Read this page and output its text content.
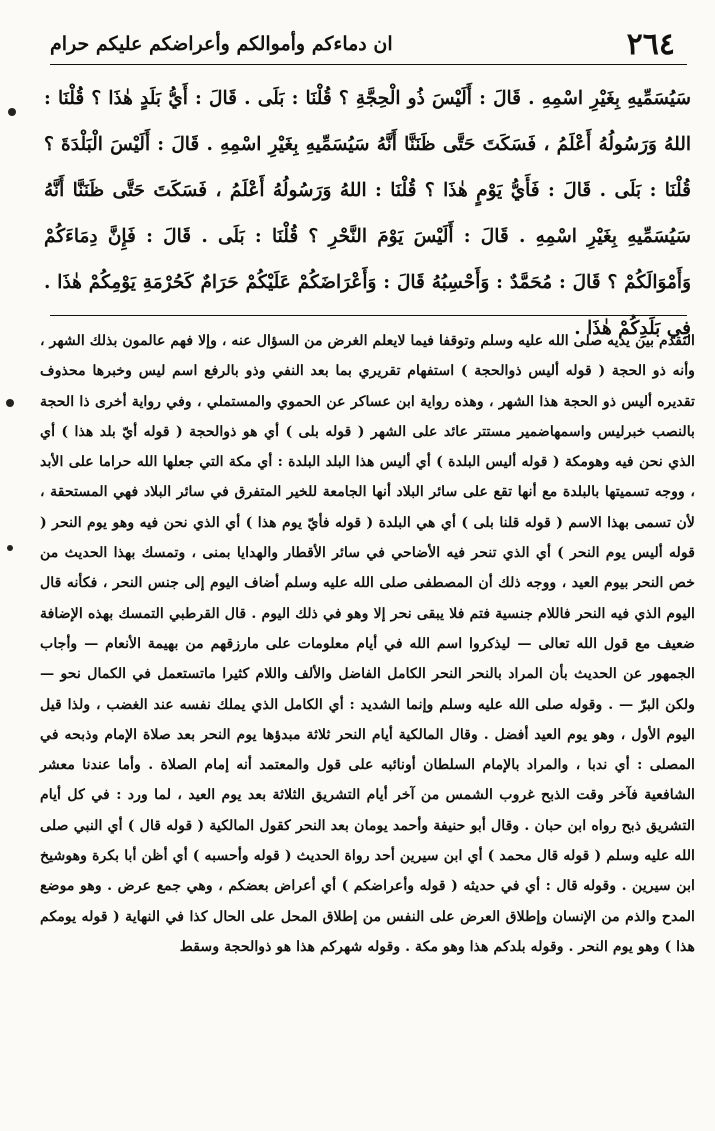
٢٦٤
ان دماءكم وأموالكم وأعراضكم عليكم حرام
سَيُسَمِّيهِ بِغَيْرِ اسْمِهِ . قَالَ : أَلَيْسَ ذُو الْحِجَّةِ ؟ قُلْنَا : بَلَى . قَالَ : أَيُّ بَلَدٍ هٰذَا ؟ قُلْنَا : اللهُ وَرَسُولُهُ أَعْلَمُ ، فَسَكَتَ حَتَّى ظَنَنَّا أَنَّهُ سَيُسَمِّيهِ بِغَيْرِ اسْمِهِ . قَالَ : أَلَيْسَ الْبَلْدَةَ ؟ قُلْنَا : بَلَى . قَالَ : فَأَيُّ يَوْمٍ هٰذَا ؟ قُلْنَا : اللهُ وَرَسُولُهُ أَعْلَمُ ، فَسَكَتَ حَتَّى ظَنَنَّا أَنَّهُ سَيُسَمِّيهِ بِغَيْرِ اسْمِهِ . قَالَ : أَلَيْسَ يَوْمَ النَّحْرِ ؟ قُلْنَا : بَلَى . قَالَ : فَإِنَّ دِمَاءَكُمْ وَأَمْوَالَكُمْ ؟ قَالَ : مُحَمَّدٌ : وَأَحْسِبُهُ قَالَ : وَأَعْرَاضَكُمْ عَلَيْكُمْ حَرَامٌ كَحُرْمَةِ يَوْمِكُمْ هٰذَا . فِي بَلَدِكُمْ هٰذَا .
التقدم بين يديه صلى الله عليه وسلم وتوقفا فيما لايعلم الغرض من السؤال عنه ، وإلا فهم عالمون بذلك الشهر ، وأنه ذو الحجة ( قوله أليس ذوالحجة ) استفهام تقريري بما بعد النفي وذو بالرفع اسم ليس وخبرها محذوف تقديره أليس ذو الحجة هذا الشهر ، وهذه رواية ابن عساكر عن الحموي والمستملي ، وفي رواية أخرى ذا الحجة بالنصب خبرليس واسمهاضمير مستتر عائد على الشهر ( قوله بلى ) أي هو ذوالحجة ( قوله أيّ بلد هذا ) أي الذي نحن فيه وهومكة ( قوله أليس البلدة ) أي أليس هذا البلد البلدة : أي مكة التي جعلها الله حراما على الأبد ، ووجه تسميتها بالبلدة مع أنها تقع على سائر البلاد أنها الجامعة للخير المتفرق في سائر البلاد فهي المستحقة ، لأن تسمى بهذا الاسم ( قوله قلنا بلى ) أي هي البلدة ( قوله فأيّ يوم هذا ) أي الذي نحن فيه وهو يوم النحر ( قوله أليس يوم النحر ) أي الذي تنحر فيه الأضاحي في سائر الأقطار والهدايا بمنى ، وتمسك بهذا الحديث من خص النحر بيوم العيد ، ووجه ذلك أن المصطفى صلى الله عليه وسلم أضاف اليوم إلى جنس النحر ، فكأنه قال اليوم الذي فيه النحر فاللام جنسية فتم فلا يبقى نحر إلا وهو في ذلك اليوم . قال القرطبي التمسك بهذه الإضافة ضعيف مع قول الله تعالى — ليذكروا اسم الله في أيام معلومات على مارزقهم من بهيمة الأنعام — وأجاب الجمهور عن الحديث بأن المراد بالنحر النحر الكامل الفاضل والألف واللام كثيرا ماتستعمل في الكمال نحو — ولكن البرّ — . وقوله صلى الله عليه وسلم وإنما الشديد : أي الكامل الذي يملك نفسه عند الغضب ، ولذا قيل اليوم الأول ، وهو يوم العيد أفضل . وقال المالكية أيام النحر ثلاثة مبدؤها يوم النحر بعد صلاة الإمام وذبحه في المصلى : أي ندبا ، والمراد بالإمام السلطان أونائبه على قول والمعتمد أنه إمام الصلاة . وأما عندنا معشر الشافعية فآخر وقت الذبح غروب الشمس من آخر أيام التشريق الثلاثة بعد يوم العيد ، لما ورد : في كل أيام التشريق ذبح رواه ابن حبان . وقال أبو حنيفة وأحمد يومان بعد النحر كقول المالكية ( قوله قال ) أي النبي صلى الله عليه وسلم ( قوله قال محمد ) أي ابن سيرين أحد رواة الحديث ( قوله وأحسبه ) أي أظن أبا بكرة وهوشيخ ابن سيرين . وقوله قال : أي في حديثه ( قوله وأعراضكم ) أي أعراض بعضكم ، وهي جمع عرض . وهو موضع المدح والذم من الإنسان وإطلاق العرض على النفس من إطلاق المحل على الحال كذا في النهاية ( قوله يومكم هذا ) وهو يوم النحر . وقوله بلدكم هذا وهو مكة . وقوله شهركم هذا هو ذوالحجة وسقط
